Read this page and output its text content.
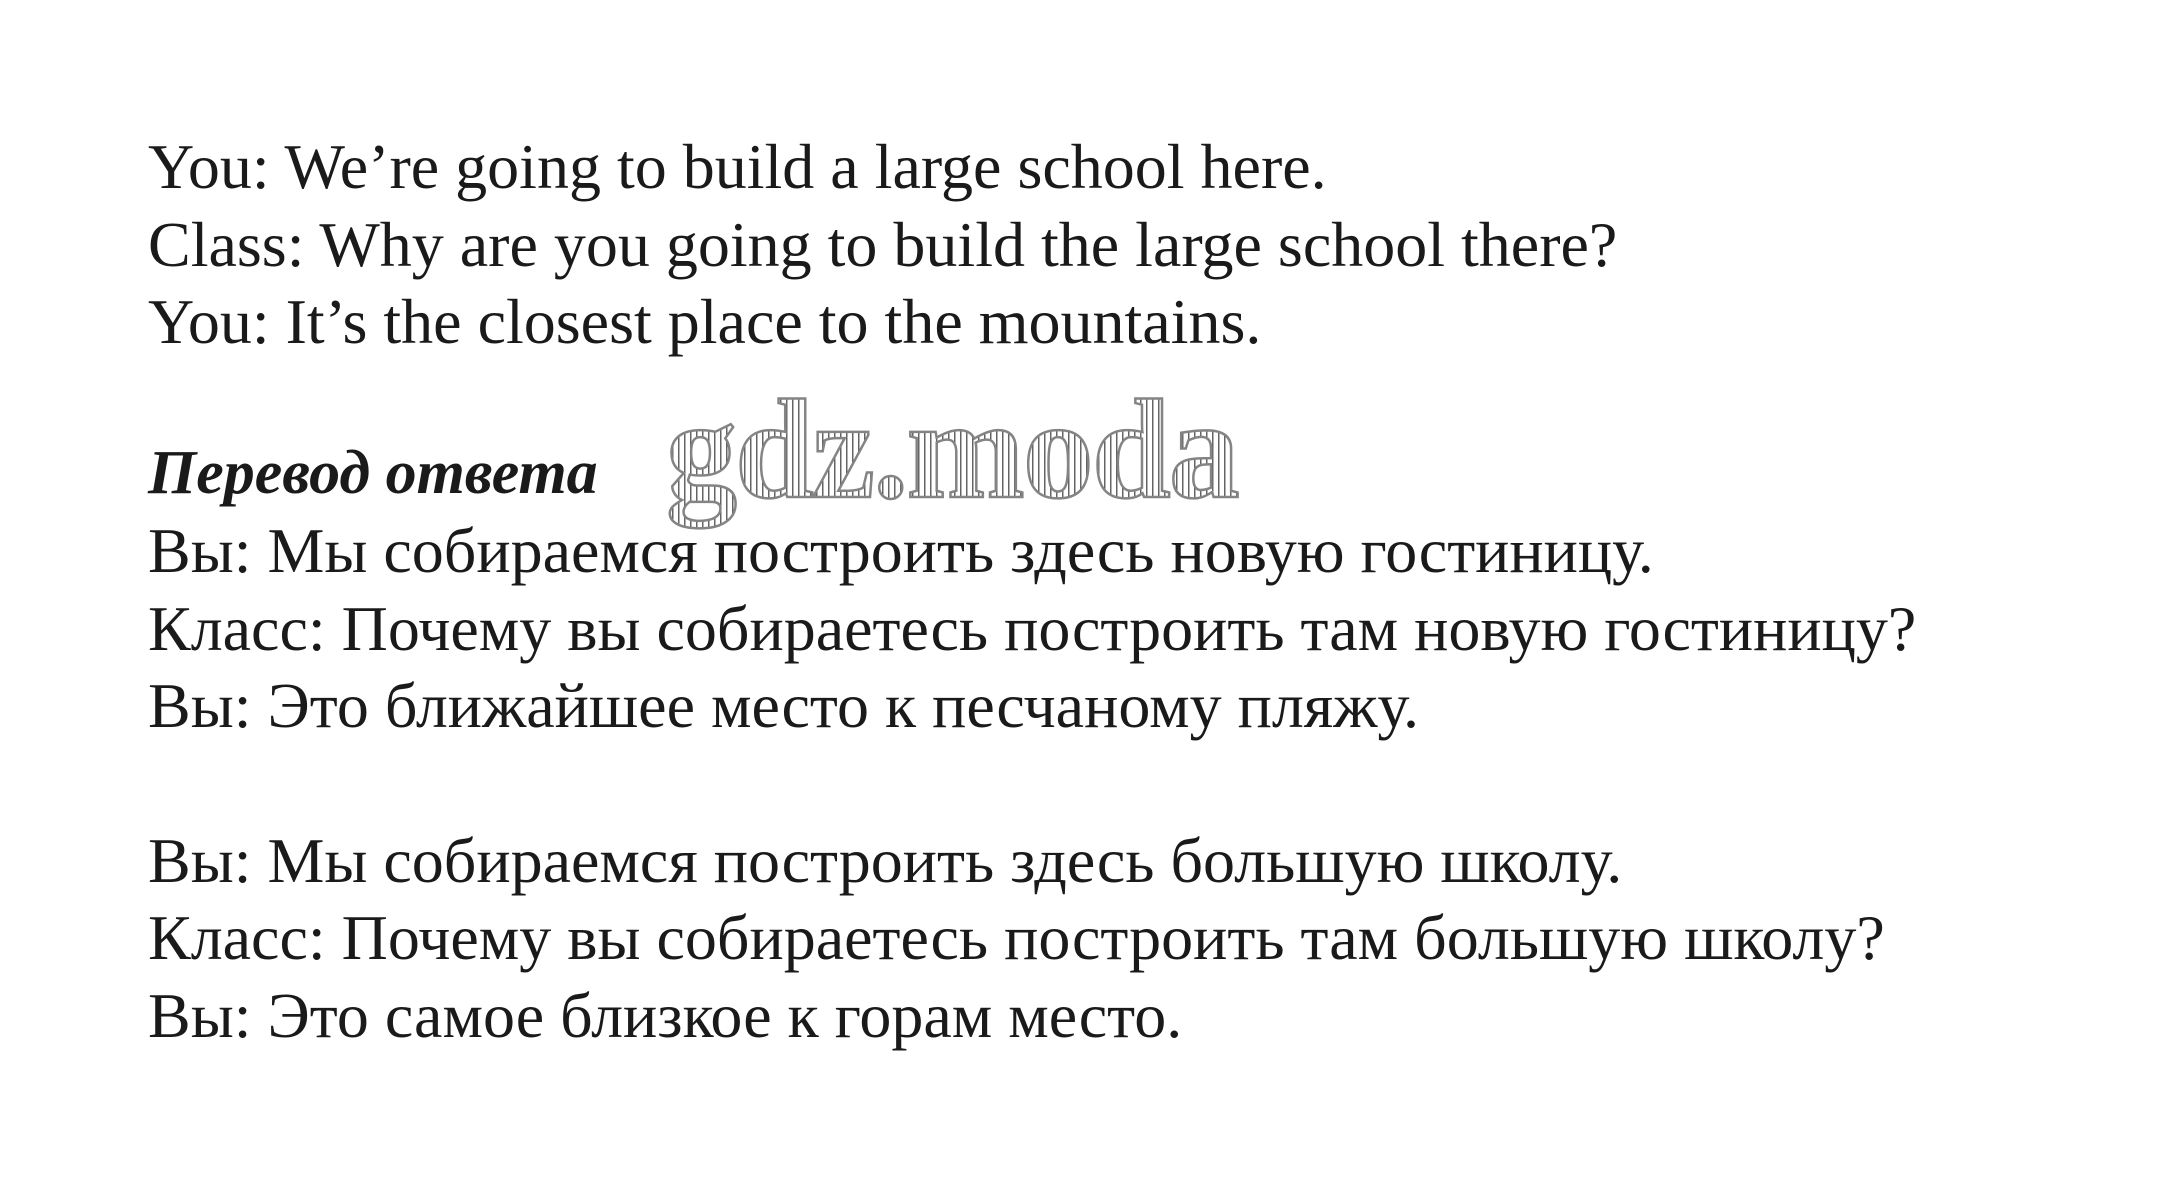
You: We’re going to build a large school here.

Class: Why are you going to build the large school there?

You: It’s the closest place to the mountains.

Перевод ответа

Вы: Мы собираемся построить здесь новую гостиницу.

Класс: Почему вы собираетесь построить там новую гостиницу?

Вы: Это ближайшее место к песчаному пляжу.

Вы: Мы собираемся построить здесь большую школу.

Класс: Почему вы собираетесь построить там большую школу?

Вы: Это самое близкое к горам место.

gdz.moda
